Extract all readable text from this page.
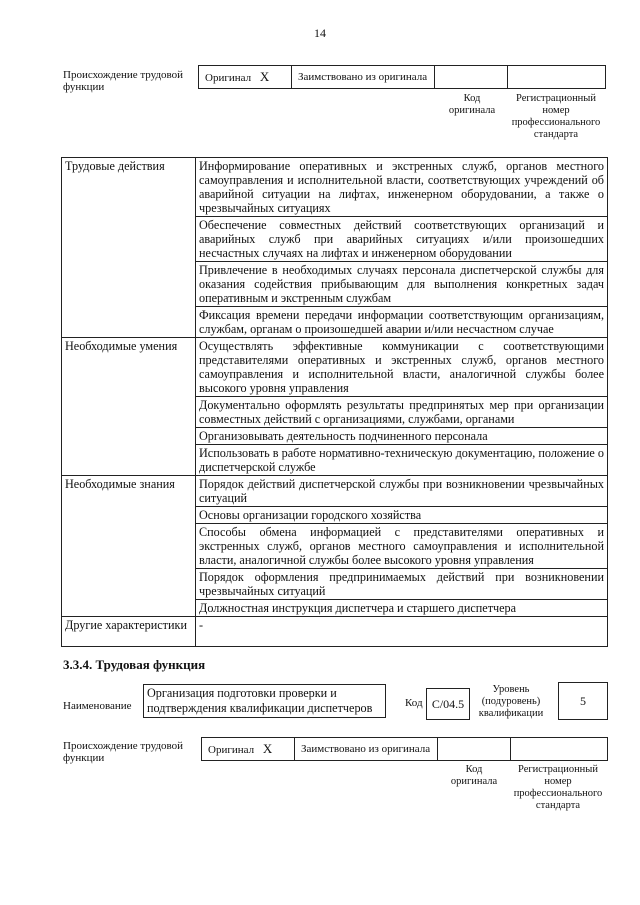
14
Происхождение трудовой функции
Оригинал X	Заимствовано из оригинала		
Код оригинала
Регистрационный номер профессионального стандарта
Трудовые действия	Информирование оперативных и экстренных служб, органов местного самоуправления и исполнительной власти, соответствующих учреждений об аварийной ситуации на лифтах, инженерном оборудовании, а также о чрезвычайных ситуациях
	Обеспечение совместных действий соответствующих организаций и аварийных служб при аварийных ситуациях и/или произошедших несчастных случаях на лифтах и инженерном оборудовании
	Привлечение в необходимых случаях персонала диспетчерской службы для оказания содействия прибывающим для выполнения конкретных задач оперативным и экстренным службам
	Фиксация времени передачи информации соответствующим организациям, службам, органам о произошедшей аварии и/или несчастном случае
Необходимые умения	Осуществлять эффективные коммуникации с соответствующими представителями оперативных и экстренных служб, органов местного самоуправления и исполнительной власти, аналогичной службы более высокого уровня управления
	Документально оформлять результаты предпринятых мер при организации совместных действий с организациями, службами, органами
	Организовывать деятельность подчиненного персонала
	Использовать в работе нормативно-техническую документацию, положение о диспетчерской службе
Необходимые знания	Порядок действий диспетчерской службы при возникновении чрезвычайных ситуаций
	Основы организации городского хозяйства
	Способы обмена информацией с представителями оперативных и экстренных служб, органов местного самоуправления и исполнительной власти, аналогичной службы более высокого уровня управления
	Порядок оформления предпринимаемых действий при возникновении чрезвычайных ситуаций
	Должностная инструкция диспетчера и старшего диспетчера
Другие характеристики	-
3.3.4. Трудовая функция
Наименование
Организация подготовки проверки и подтверждения квалификации диспетчеров	Код C/04.5
Уровень (подуровень) квалификации
5
Происхождение трудовой функции
Оригинал X	Заимствовано из оригинала		
Код оригинала
Регистрационный номер профессионального стандарта
